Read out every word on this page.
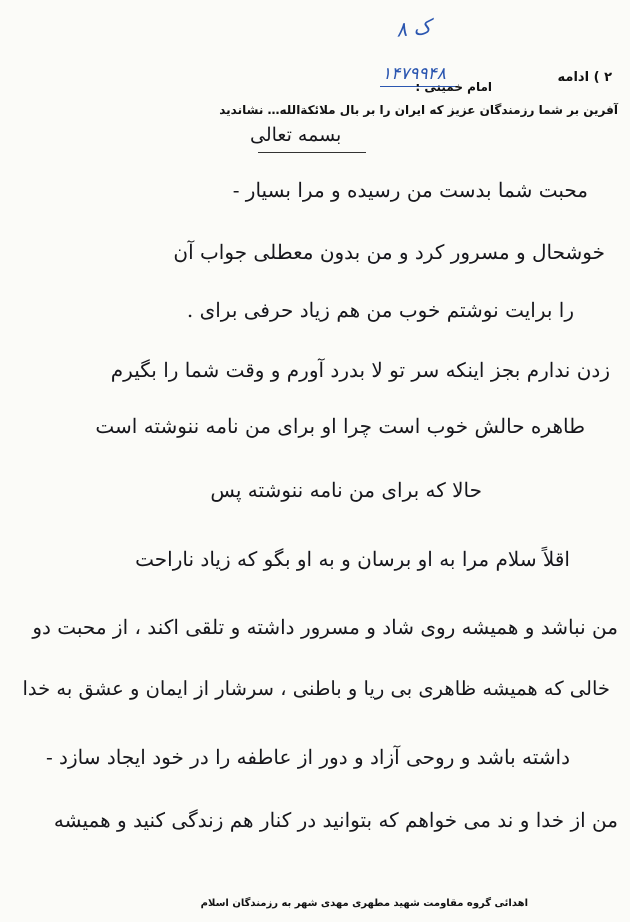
۸ ک
۱۴۷۹۹۴۸	۲ ) ادامه
امام خمینی :
آفرین بر شما رزمندگان عزیز که ایران را بر بال ملائکةالله… نشاندید
بسمه تعالی
محبت شما بدست من رسیده و مرا بسیار -
خوشحال و مسرور کرد و من بدون معطلی جواب آن
را برایت نوشتم خوب من هم زیاد حرفی برای .
زدن ندارم بجز اینکه سر تو لا بدرد آورم و وقت شما را بگیرم
طاهره حالش خوب است چرا او برای من نامه ننوشته است
حالا که برای من نامه ننوشته پس
اقلاً سلام مرا به او برسان و به او بگو که زیاد ناراحت
من نباشد و همیشه روی شاد و مسرور داشته و تلقی اکند ، از محبت دو
خالی که همیشه ظاهری بی ریا و باطنی ، سرشار از ایمان و عشق به خدا
داشته باشد و روحی آزاد و دور از عاطفه را در خود ایجاد سازد -
من از خدا و ند می خواهم که بتوانید در کنار هم زندگی کنید و همیشه
اهدائی گروه مقاومت شهید مطهری مهدی شهر به رزمندگان اسلام
